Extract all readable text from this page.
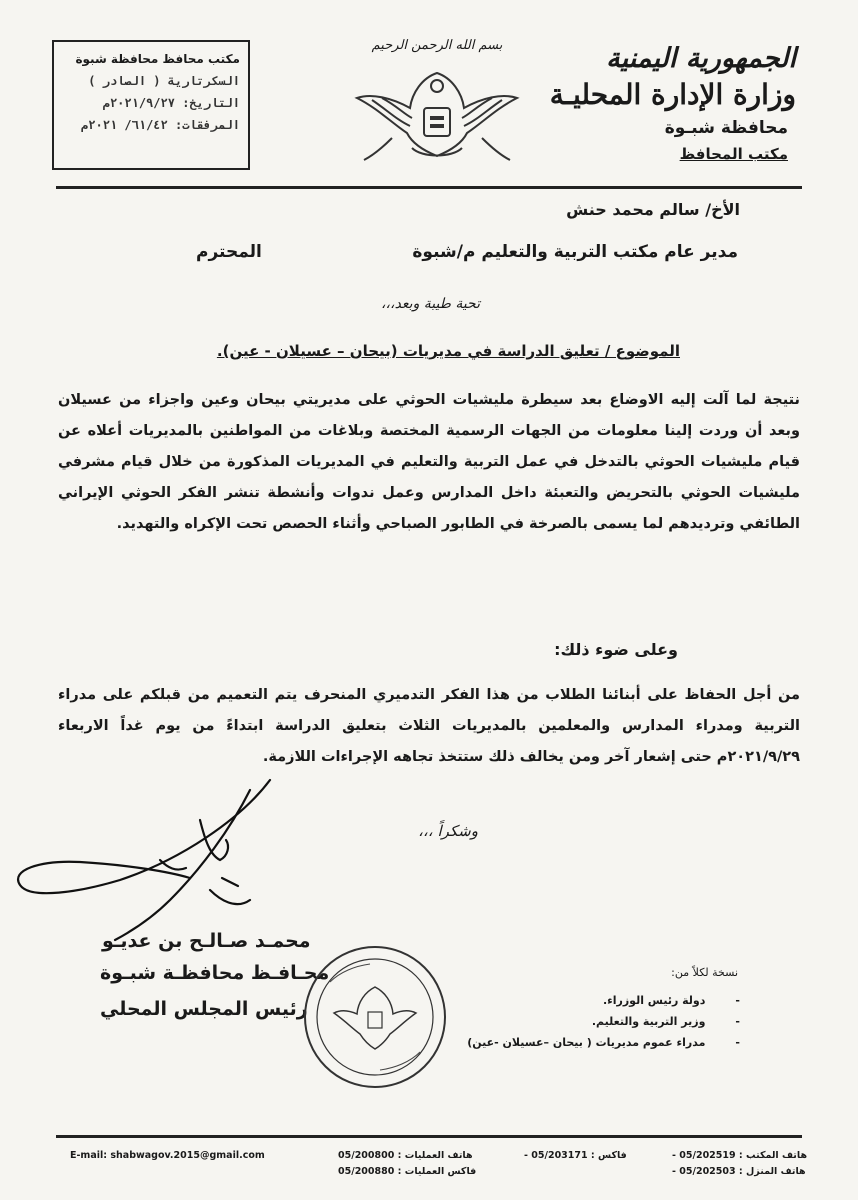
الجمهورية اليمنية
وزارة الإدارة المحليـة
محافظة شبـوة
مكتب المحافظ
بسم الله الرحمن الرحيم
مكتب محافظ محافظة شبوة
السكرتارية ( الصادر )
التاريخ: ٢٠٢١/٩/٢٧م
المرفقات: ٦١/٤٢/ ٢٠٢١م
الأخ/ سالم محمد حنش
مدير عام مكتب التربية والتعليم م/شبوة
المحترم
تحية طيبة وبعد،،،
الموضوع / تعليق الدراسة في مديريات (بيحان – عسيلان - عين).
نتيجة لما آلت إليه الاوضاع بعد سيطرة مليشيات الحوثي على مديريتي بيحان وعين واجزاء من عسيلان وبعد أن وردت إلينا معلومات من الجهات الرسمية المختصة وبلاغات من المواطنين بالمديريات أعلاه عن قيام مليشيات الحوثي بالتدخل في عمل التربية والتعليم في المديريات المذكورة من خلال قيام مشرفي مليشيات الحوثي بالتحريض والتعبئة داخل المدارس وعمل ندوات وأنشطة تنشر الفكر الحوثي الإيراني الطائفي وترديدهم لما يسمى بالصرخة في الطابور الصباحي وأثناء الحصص تحت الإكراه والتهديد.
وعلى ضوء ذلك:
من أجل الحفاظ على أبنائنا الطلاب من هذا الفكر التدميري المنحرف يتم التعميم من قبلكم على مدراء التربية ومدراء المدارس والمعلمين بالمديريات الثلاث بتعليق الدراسة ابتداءً من يوم غداً الاربعاء ٢٠٢١/٩/٢٩م حتى إشعار آخر ومن يخالف ذلك ستتخذ تجاهه الإجراءات اللازمة.
وشكراً ،،،
محمـد صـالـح بن عديـو
محـافـظ محافظـة شبـوة
رئيس المجلس المحلي
نسخة لكلاً من:
-دولة رئيس الوزراء.
-وزير التربية والتعليم.
-مدراء عموم مديريات ( بيحان –عسيلان -عين)
E-mail: shabwagov.2015@gmail.com	هاتف العمليات : 05/200800
فاكس العمليات : 05/200880
فاكس : 05/203171 -	هاتف المكتب : 05/202519 -
هاتف المنزل : 05/202503 -
